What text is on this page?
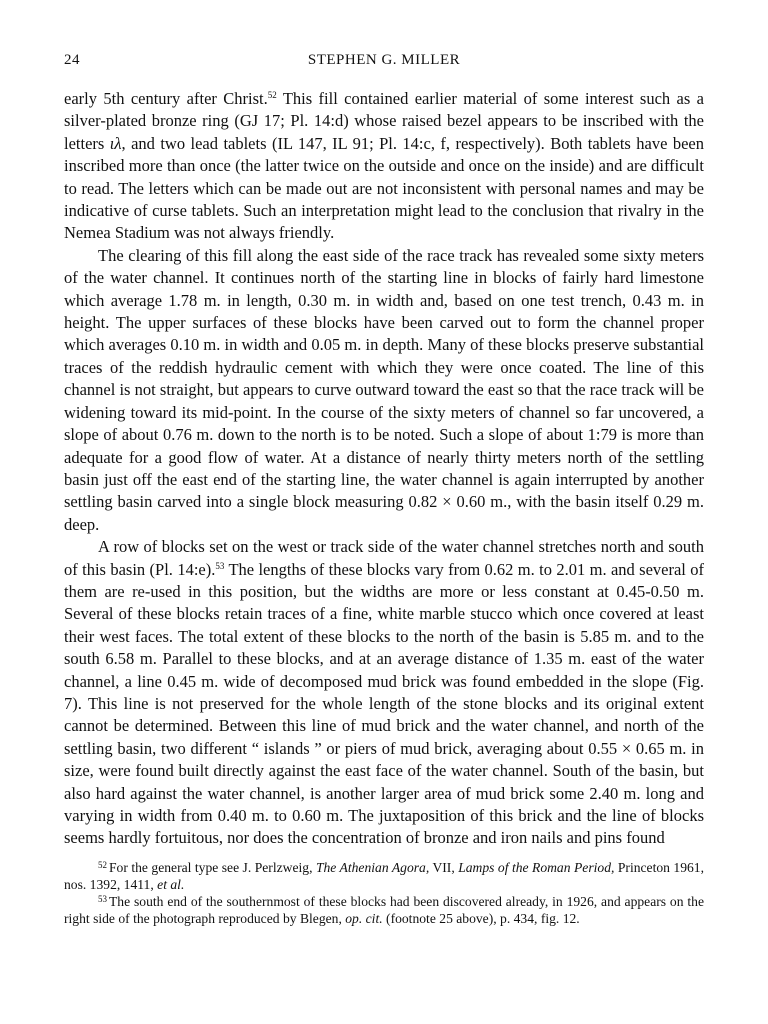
24	STEPHEN G. MILLER

early 5th century after Christ.$^{52}$ This fill contained earlier material of some interest such as a silver-plated bronze ring (GJ 17; Pl. 14:d) whose raised bezel appears to be inscribed with the letters ιλ, and two lead tablets (IL 147, IL 91; Pl. 14:c, f, respectively). Both tablets have been inscribed more than once (the latter twice on the outside and once on the inside) and are difficult to read. The letters which can be made out are not inconsistent with personal names and may be indicative of curse tablets. Such an interpretation might lead to the conclusion that rivalry in the Nemea Stadium was not always friendly.

The clearing of this fill along the east side of the race track has revealed some sixty meters of the water channel. It continues north of the starting line in blocks of fairly hard limestone which average 1.78 m. in length, 0.30 m. in width and, based on one test trench, 0.43 m. in height. The upper surfaces of these blocks have been carved out to form the channel proper which averages 0.10 m. in width and 0.05 m. in depth. Many of these blocks preserve substantial traces of the reddish hydraulic cement with which they were once coated. The line of this channel is not straight, but appears to curve outward toward the east so that the race track will be widening toward its mid-point. In the course of the sixty meters of channel so far uncovered, a slope of about 0.76 m. down to the north is to be noted. Such a slope of about 1:79 is more than adequate for a good flow of water. At a distance of nearly thirty meters north of the settling basin just off the east end of the starting line, the water channel is again interrupted by another settling basin carved into a single block measuring 0.82 × 0.60 m., with the basin itself 0.29 m. deep.

A row of blocks set on the west or track side of the water channel stretches north and south of this basin (Pl. 14:e).$^{53}$ The lengths of these blocks vary from 0.62 m. to 2.01 m. and several of them are re-used in this position, but the widths are more or less constant at 0.45-0.50 m. Several of these blocks retain traces of a fine, white marble stucco which once covered at least their west faces. The total extent of these blocks to the north of the basin is 5.85 m. and to the south 6.58 m. Parallel to these blocks, and at an average distance of 1.35 m. east of the water channel, a line 0.45 m. wide of decomposed mud brick was found embedded in the slope (Fig. 7). This line is not preserved for the whole length of the stone blocks and its original extent cannot be determined. Between this line of mud brick and the water channel, and north of the settling basin, two different “ islands ” or piers of mud brick, averaging about 0.55 × 0.65 m. in size, were found built directly against the east face of the water channel. South of the basin, but also hard against the water channel, is another larger area of mud brick some 2.40 m. long and varying in width from 0.40 m. to 0.60 m. The juxtaposition of this brick and the line of blocks seems hardly fortuitous, nor does the concentration of bronze and iron nails and pins found

$^{52}$ For the general type see J. Perlzweig, The Athenian Agora, VII, Lamps of the Roman Period, Princeton 1961, nos. 1392, 1411, et al.

$^{53}$ The south end of the southernmost of these blocks had been discovered already, in 1926, and appears on the right side of the photograph reproduced by Blegen, op. cit. (footnote 25 above), p. 434, fig. 12.
